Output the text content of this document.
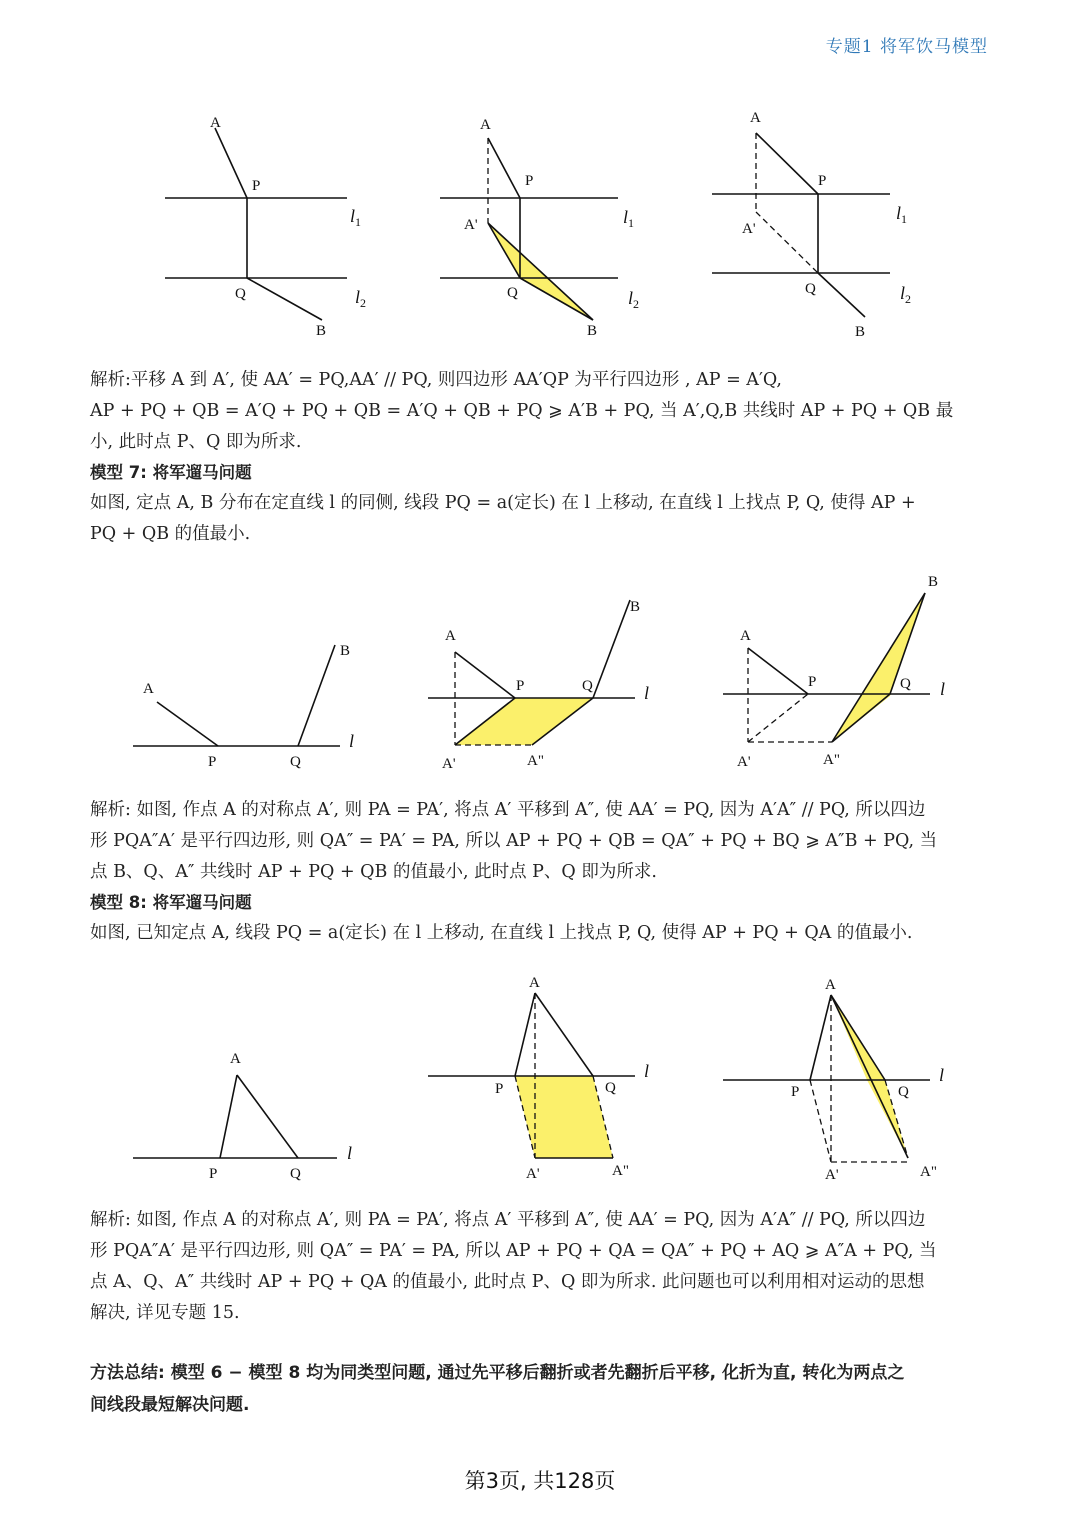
专题1 将军饮马模型
A
P
Q
B
$l_1$
$l_2$
A
P
A'
Q
B
$l_1$
$l_2$
A
P
A'
Q
B
$l_1$
$l_2$

解析:平移 A 到 A′, 使 AA′ = PQ,AA′ // PQ, 则四边形 AA′QP 为平行四边形 , AP = A′Q,

AP + PQ + QB = A′Q + PQ + QB = A′Q + QB + PQ ⩾ A′B + PQ, 当 A′,Q,B 共线时 AP + PQ + QB 最

小, 此时点 P、Q 即为所求.

模型 7: 将军遛马问题

如图, 定点 A, B 分布在定直线 l 的同侧, 线段 PQ = a(定长) 在 l 上移动, 在直线 l 上找点 P, Q, 使得 AP +

PQ + QB 的值最小.

A
P	Q
B
l
A
P	Q
B
A'	A"
l
A
P	Q
B
A'	A"
l

解析: 如图, 作点 A 的对称点 A′, 则 PA = PA′, 将点 A′ 平移到 A″, 使 AA′ = PQ, 因为 A′A″ // PQ, 所以四边

形 PQA″A′ 是平行四边形, 则 QA″ = PA′ = PA, 所以 AP + PQ + QB = QA″ + PQ + BQ ⩾ A″B + PQ, 当

点 B、Q、A″ 共线时 AP + PQ + QB 的值最小, 此时点 P、Q 即为所求.

模型 8: 将军遛马问题

如图, 已知定点 A, 线段 PQ = a(定长) 在 l 上移动, 在直线 l 上找点 P, Q, 使得 AP + PQ + QA 的值最小.

A
P	Q
l
A
P	Q
A'	A"
l
A
P	Q
A'	A"
l

解析: 如图, 作点 A 的对称点 A′, 则 PA = PA′, 将点 A′ 平移到 A″, 使 AA′ = PQ, 因为 A′A″ // PQ, 所以四边

形 PQA″A′ 是平行四边形, 则 QA″ = PA′ = PA, 所以 AP + PQ + QA = QA″ + PQ + AQ ⩾ A″A + PQ, 当

点 A、Q、A″ 共线时 AP + PQ + QA 的值最小, 此时点 P、Q 即为所求. 此问题也可以利用相对运动的思想

解决, 详见专题 15.

方法总结: 模型 6 − 模型 8 均为同类型问题, 通过先平移后翻折或者先翻折后平移, 化折为直, 转化为两点之

间线段最短解决问题.

第3页, 共128页
